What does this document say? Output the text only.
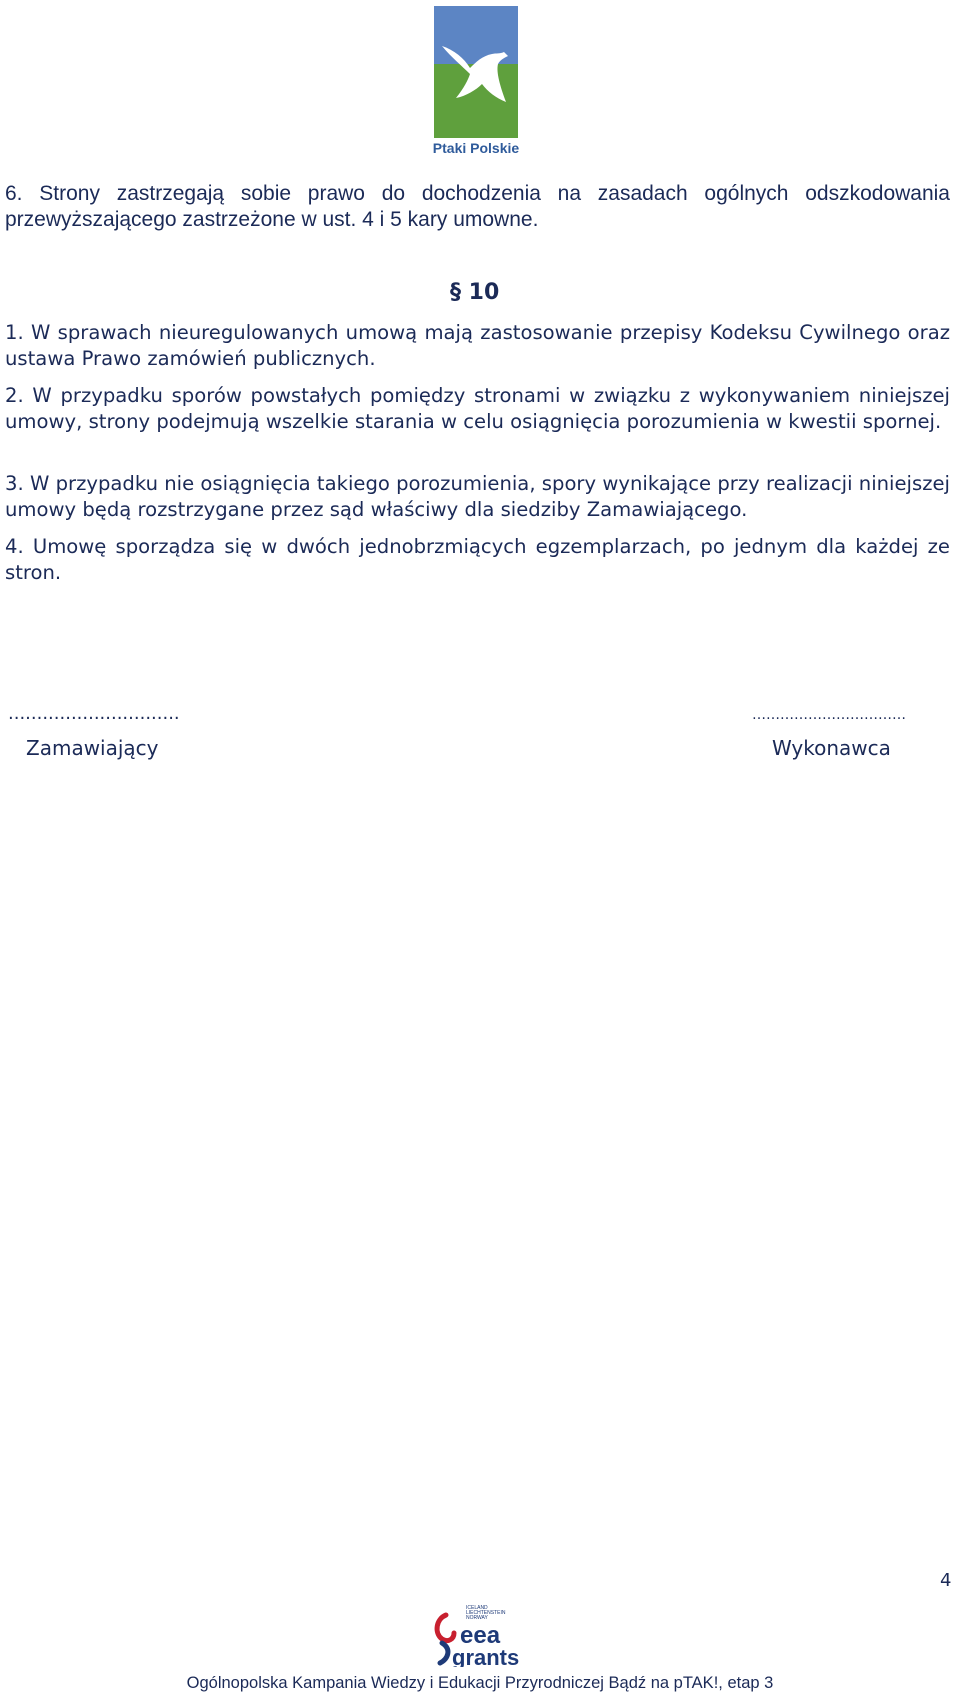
Ptaki Polskie

6. Strony zastrzegają sobie prawo do dochodzenia na zasadach ogólnych odszkodowania przewyższającego zastrzeżone w ust. 4 i 5 kary umowne.

§ 10

1. W sprawach nieuregulowanych umową mają zastosowanie przepisy Kodeksu Cywilnego oraz ustawa Prawo zamówień publicznych.

2. W przypadku sporów powstałych pomiędzy stronami w związku z wykonywaniem niniejszej umowy, strony podejmują wszelkie starania w celu osiągnięcia porozumienia w kwestii spornej.

3. W przypadku nie osiągnięcia takiego porozumienia, spory wynikające przy realizacji niniejszej umowy będą rozstrzygane przez sąd właściwy dla siedziby Zamawiającego.

4. Umowę sporządza się w dwóch jednobrzmiących egzemplarzach, po jednym dla każdej ze stron.

..............................	……………………………
Zamawiający	Wykonawca
4
ICELAND
LIECHTENSTEIN
NORWAY
eea
grants
Ogólnopolska Kampania Wiedzy i Edukacji Przyrodniczej Bądź na pTAK!, etap 3
